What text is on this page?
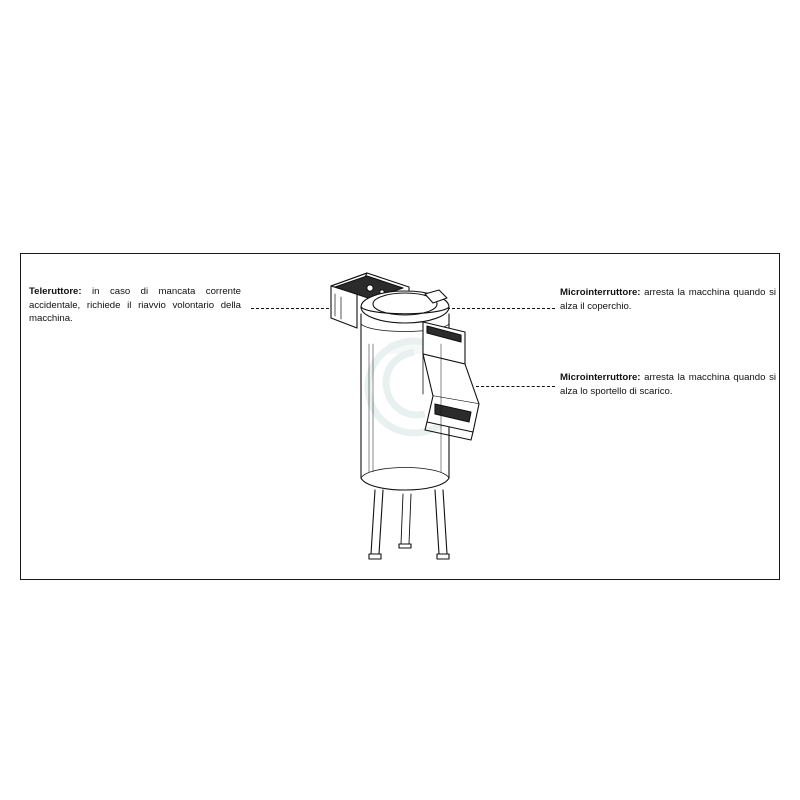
Teleruttore: in caso di mancata corrente accidentale, richiede il riavvio volontario della macchina.
Microinterruttore: arresta la macchina quando si alza il coperchio.
Microinterruttore: arresta la macchina quando si alza lo sportello di scarico.
